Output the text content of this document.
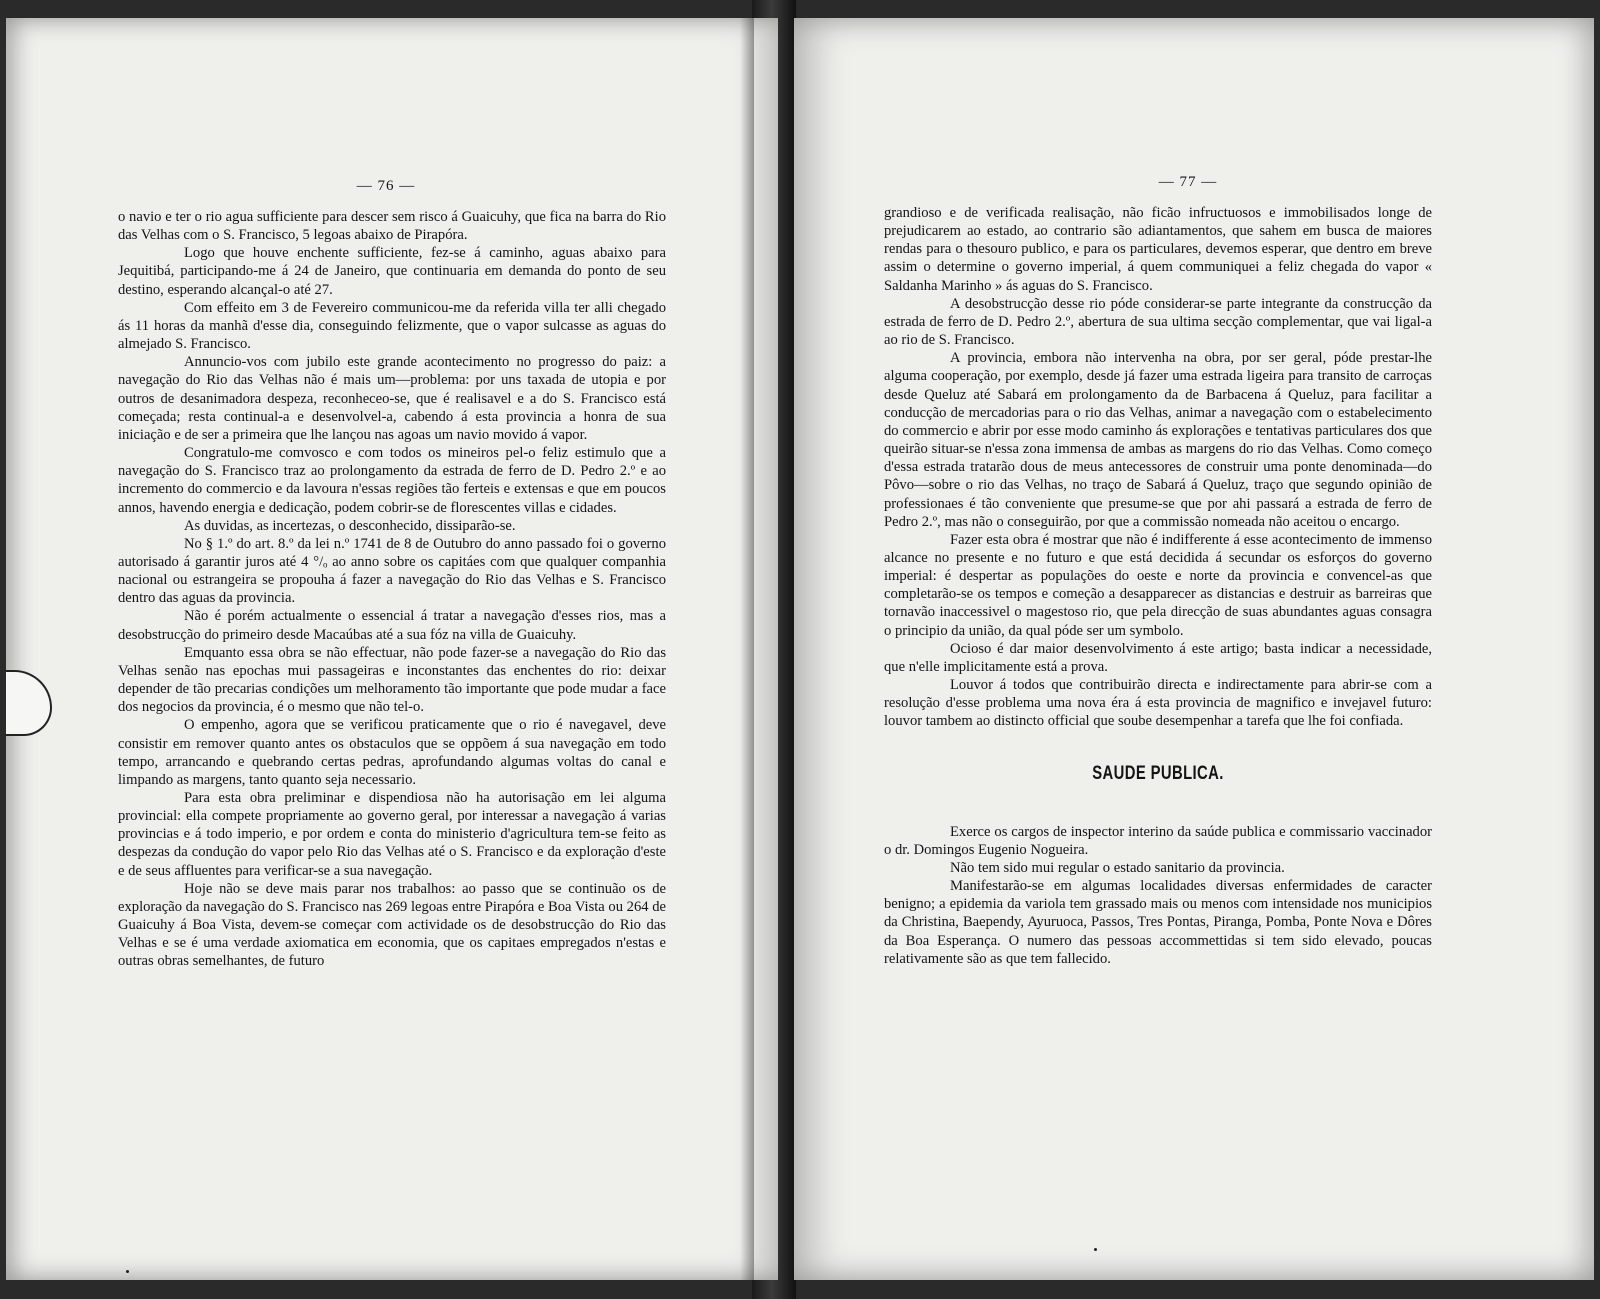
— 76 —

o navio e ter o rio agua sufficiente para descer sem risco á Guaicuhy, que fica na barra do Rio das Velhas com o S. Francisco, 5 legoas abaixo de Pirapóra.

Logo que houve enchente sufficiente, fez-se á caminho, aguas abaixo para Jequitibá, participando-me á 24 de Janeiro, que continuaria em demanda do ponto de seu destino, esperando alcançal-o até 27.

Com effeito em 3 de Fevereiro communicou-me da referida villa ter alli chegado ás 11 horas da manhã d'esse dia, conseguindo felizmente, que o vapor sulcasse as aguas do almejado S. Francisco.

Annuncio-vos com jubilo este grande acontecimento no progresso do paiz: a navegação do Rio das Velhas não é mais um—problema: por uns taxada de utopia e por outros de desanimadora despeza, reconheceo-se, que é realisavel e a do S. Francisco está começada; resta continual-a e desenvolvel-a, cabendo á esta provincia a honra de sua iniciação e de ser a primeira que lhe lançou nas agoas um navio movido á vapor.

Congratulo-me comvosco e com todos os mineiros pel-o feliz estimulo que a navegação do S. Francisco traz ao prolongamento da estrada de ferro de D. Pedro 2.º e ao incremento do commercio e da lavoura n'essas regiões tão ferteis e extensas e que em poucos annos, havendo energia e dedicação, podem cobrir-se de florescentes villas e cidades.

As duvidas, as incertezas, o desconhecido, dissiparão-se.

No § 1.º do art. 8.º da lei n.º 1741 de 8 de Outubro do anno passado foi o governo autorisado á garantir juros até 4 °/ₒ ao anno sobre os capitáes com que qualquer companhia nacional ou estrangeira se propouha á fazer a navegação do Rio das Velhas e S. Francisco dentro das aguas da provincia.

Não é porém actualmente o essencial á tratar a navegação d'esses rios, mas a desobstrucção do primeiro desde Macaúbas até a sua fóz na villa de Guaicuhy.

Emquanto essa obra se não effectuar, não pode fazer-se a navegação do Rio das Velhas senão nas epochas mui passageiras e inconstantes das enchentes do rio: deixar depender de tão precarias condições um melhoramento tão importante que pode mudar a face dos negocios da provincia, é o mesmo que não tel-o.

O empenho, agora que se verificou praticamente que o rio é navegavel, deve consistir em remover quanto antes os obstaculos que se oppõem á sua navegação em todo tempo, arrancando e quebrando certas pedras, aprofundando algumas voltas do canal e limpando as margens, tanto quanto seja necessario.

Para esta obra preliminar e dispendiosa não ha autorisação em lei alguma provincial: ella compete propriamente ao governo geral, por interessar a navegação á varias provincias e á todo imperio, e por ordem e conta do ministerio d'agricultura tem-se feito as despezas da condução do vapor pelo Rio das Velhas até o S. Francisco e da exploração d'este e de seus affluentes para verificar-se a sua navegação.

Hoje não se deve mais parar nos trabalhos: ao passo que se continuão os de exploração da navegação do S. Francisco nas 269 legoas entre Pirapóra e Boa Vista ou 264 de Guaicuhy á Boa Vista, devem-se começar com actividade os de desobstrucção do Rio das Velhas e se é uma verdade axiomatica em economia, que os capitaes empregados n'estas e outras obras semelhantes, de futuro

— 77 —

grandioso e de verificada realisação, não ficão infructuosos e immobilisados longe de prejudicarem ao estado, ao contrario são adiantamentos, que sahem em busca de maiores rendas para o thesouro publico, e para os particulares, devemos esperar, que dentro em breve assim o determine o governo imperial, á quem communiquei a feliz chegada do vapor « Saldanha Marinho » ás aguas do S. Francisco.

A desobstrucção desse rio póde considerar-se parte integrante da construcção da estrada de ferro de D. Pedro 2.º, abertura de sua ultima secção complementar, que vai ligal-a ao rio de S. Francisco.

A provincia, embora não intervenha na obra, por ser geral, póde prestar-lhe alguma cooperação, por exemplo, desde já fazer uma estrada ligeira para transito de carroças desde Queluz até Sabará em prolongamento da de Barbacena á Queluz, para facilitar a conducção de mercadorias para o rio das Velhas, animar a navegação com o estabelecimento do commercio e abrir por esse modo caminho ás explorações e tentativas particulares dos que queirão situar-se n'essa zona immensa de ambas as margens do rio das Velhas. Como começo d'essa estrada tratarão dous de meus antecessores de construir uma ponte denominada—do Pôvo—sobre o rio das Velhas, no traço de Sabará á Queluz, traço que segundo opinião de professionaes é tão conveniente que presume-se que por ahi passará a estrada de ferro de Pedro 2.º, mas não o conseguirão, por que a commissão nomeada não aceitou o encargo.

Fazer esta obra é mostrar que não é indifferente á esse acontecimento de immenso alcance no presente e no futuro e que está decidida á secundar os esforços do governo imperial: é despertar as populações do oeste e norte da provincia e convencel-as que completarão-se os tempos e começão a desapparecer as distancias e destruir as barreiras que tornavão inaccessivel o magestoso rio, que pela direcção de suas abundantes aguas consagra o principio da união, da qual póde ser um symbolo.

Ocioso é dar maior desenvolvimento á este artigo; basta indicar a necessidade, que n'elle implicitamente está a prova.

Louvor á todos que contribuirão directa e indirectamente para abrir-se com a resolução d'esse problema uma nova éra á esta provincia de magnifico e invejavel futuro: louvor tambem ao distincto official que soube desempenhar a tarefa que lhe foi confiada.

SAUDE PUBLICA.

Exerce os cargos de inspector interino da saúde publica e commissario vaccinador o dr. Domingos Eugenio Nogueira.

Não tem sido mui regular o estado sanitario da provincia.

Manifestarão-se em algumas localidades diversas enfermidades de caracter benigno; a epidemia da variola tem grassado mais ou menos com intensidade nos municipios da Christina, Baependy, Ayuruoca, Passos, Tres Pontas, Piranga, Pomba, Ponte Nova e Dôres da Boa Esperança. O numero das pessoas accommettidas si tem sido elevado, poucas relativamente são as que tem fallecido.
